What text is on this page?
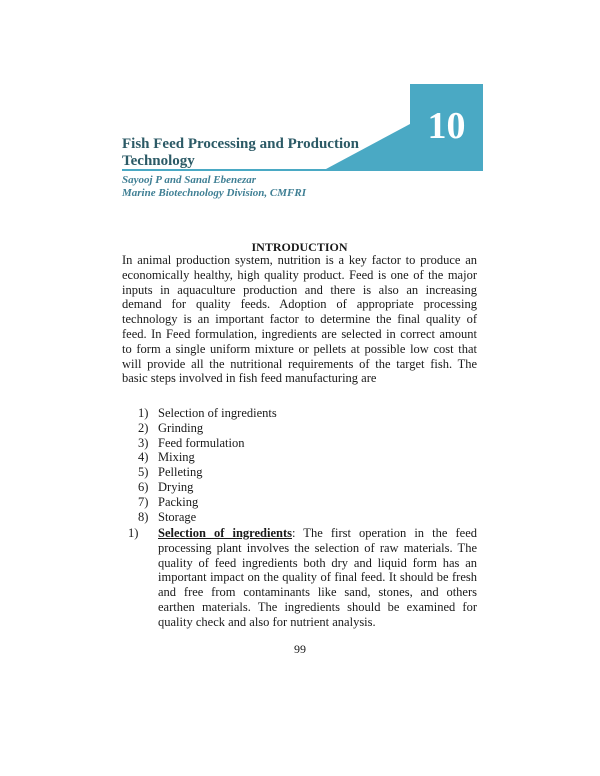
10
Fish Feed Processing and Production Technology
Sayooj P and Sanal Ebenezar
Marine Biotechnology Division, CMFRI
INTRODUCTION
In animal production system, nutrition is a key factor to produce an economically healthy, high quality product. Feed is one of the major inputs in aquaculture production and there is also an increasing demand for quality feeds. Adoption of appropriate processing technology is an important factor to determine the final quality of feed. In Feed formulation, ingredients are selected in correct amount to form a single uniform mixture or pellets at possible low cost that will provide all the nutritional requirements of the target fish. The basic steps involved in fish feed manufacturing are
1) Selection of ingredients
2) Grinding
3) Feed formulation
4) Mixing
5) Pelleting
6) Drying
7) Packing
8) Storage
1) Selection of ingredients: The first operation in the feed processing plant involves the selection of raw materials. The quality of feed ingredients both dry and liquid form has an important impact on the quality of final feed. It should be fresh and free from contaminants like sand, stones, and others earthen materials. The ingredients should be examined for quality check and also for nutrient analysis.
99
